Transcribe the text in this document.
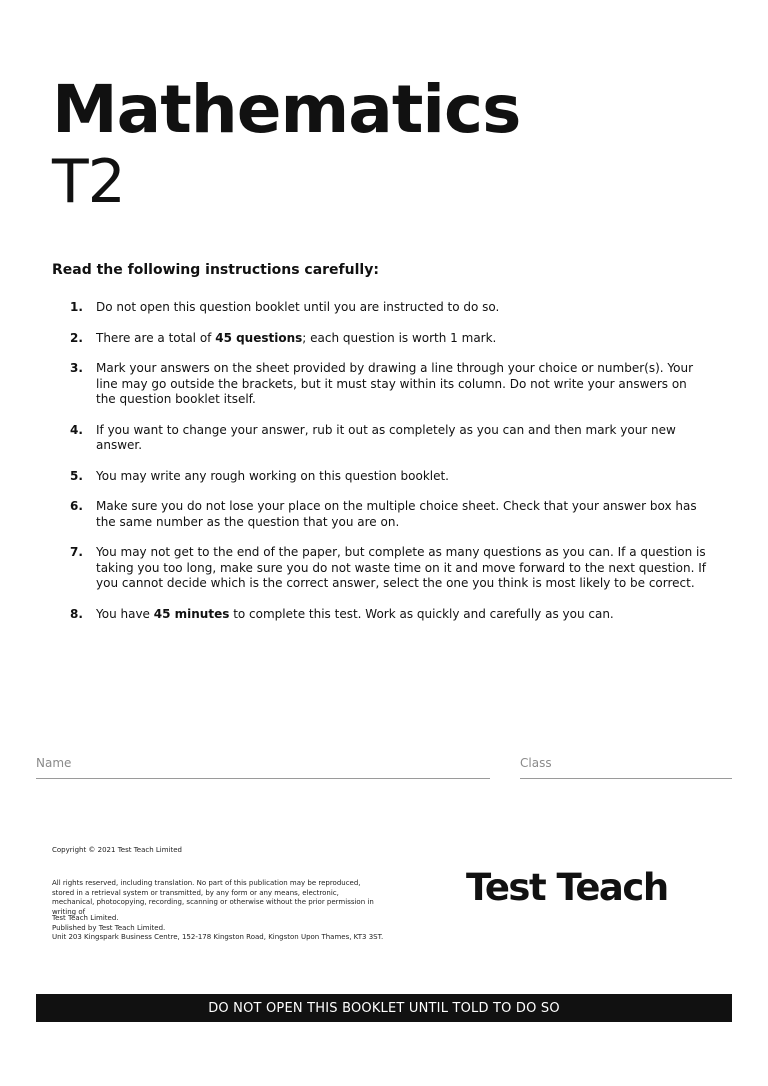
Mathematics
T2
Read the following instructions carefully:
1. Do not open this question booklet until you are instructed to do so.
2. There are a total of 45 questions; each question is worth 1 mark.
3. Mark your answers on the sheet provided by drawing a line through your choice or number(s). Your line may go outside the brackets, but it must stay within its column. Do not write your answers on the question booklet itself.
4. If you want to change your answer, rub it out as completely as you can and then mark your new answer.
5. You may write any rough working on this question booklet.
6. Make sure you do not lose your place on the multiple choice sheet. Check that your answer box has the same number as the question that you are on.
7. You may not get to the end of the paper, but complete as many questions as you can. If a question is taking you too long, make sure you do not waste time on it and move forward to the next question. If you cannot decide which is the correct answer, select the one you think is most likely to be correct.
8. You have 45 minutes to complete this test. Work as quickly and carefully as you can.
Name	Class
Copyright © 2021 Test Teach Limited
All rights reserved, including translation. No part of this publication may be reproduced, stored in a retrieval system or transmitted, by any form or any means, electronic, mechanical, photocopying, recording, scanning or otherwise without the prior permission in writing of
Test Teach Limited.
Published by Test Teach Limited.
Unit 203 Kingspark Business Centre, 152-178 Kingston Road, Kingston Upon Thames, KT3 3ST.
Test Teach
DO NOT OPEN THIS BOOKLET UNTIL TOLD TO DO SO
